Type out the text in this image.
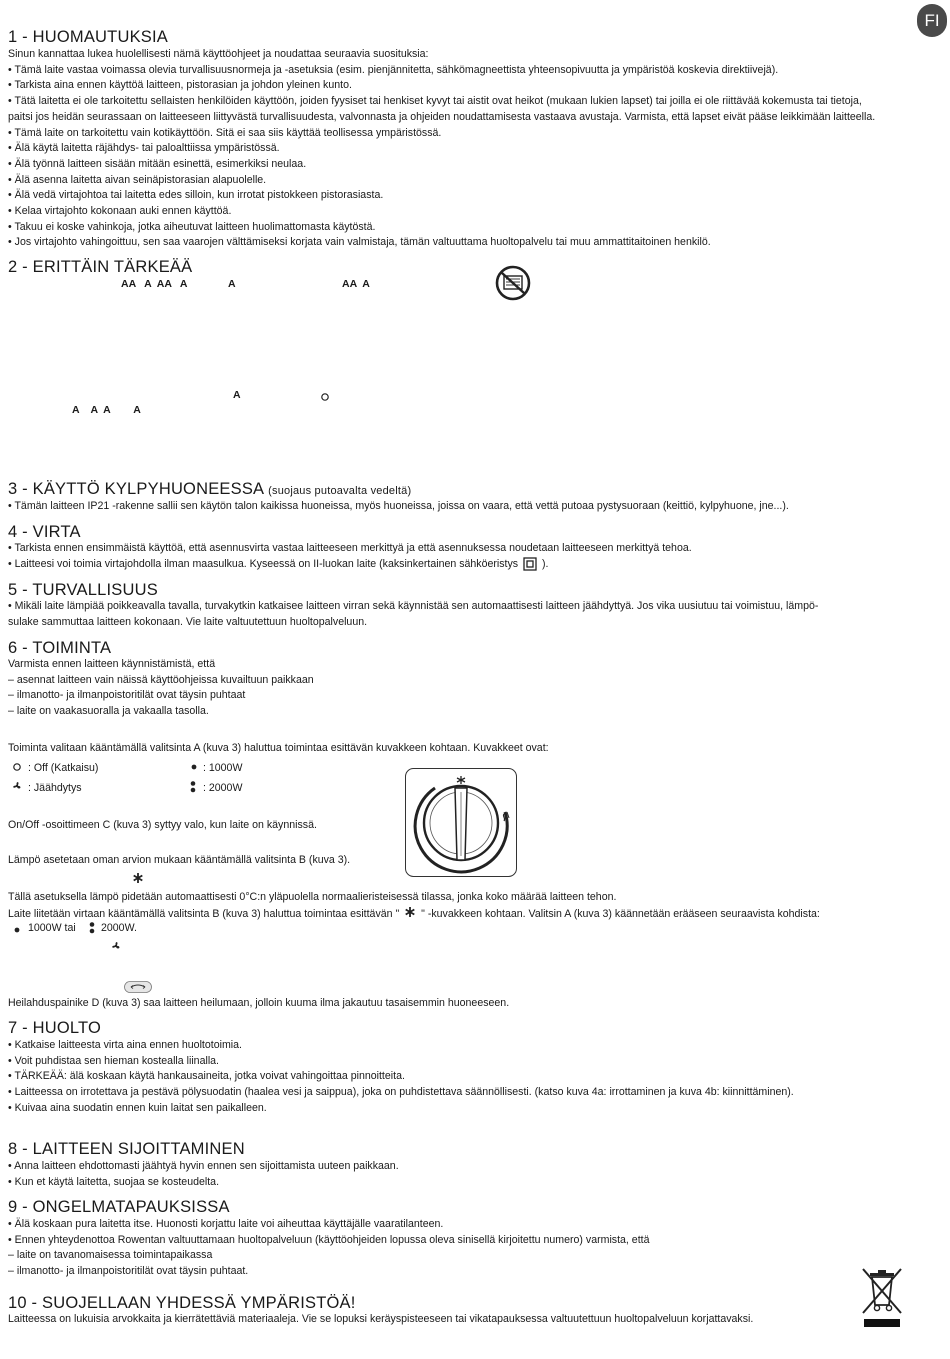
FI
1 - HUOMAUTUKSIA
Sinun kannattaa lukea huolellisesti nämä käyttöohjeet ja noudattaa seuraavia suosituksia:
• Tämä laite vastaa voimassa olevia turvallisuusnormeja ja -asetuksia (esim. pienjännitetta, sähkömagneettista yhteensopivuutta ja ympäristöä koskevia direktiivejä).
• Tarkista aina ennen käyttöä laitteen, pistorasian ja johdon yleinen kunto.
• Tätä laitetta ei ole tarkoitettu sellaisten henkilöiden käyttöön, joiden fyysiset tai henkiset kyvyt tai aistit ovat heikot (mukaan lukien lapset) tai joilla ei ole riittävää kokemusta tai tietoja,
paitsi jos heidän seurassaan on laitteeseen liittyvästä turvallisuudesta, valvonnasta ja ohjeiden noudattamisesta vastaava avustaja. Varmista, että lapset eivät pääse leikkimään laitteella.
• Tämä laite on tarkoitettu vain kotikäyttöön. Sitä ei saa siis käyttää teollisessa ympäristössä.
• Älä käytä laitetta räjähdys- tai paloalttiissa ympäristössä.
• Älä työnnä laitteen sisään mitään esinettä, esimerkiksi neulaa.
• Älä asenna laitetta aivan seinäpistorasian alapuolelle.
• Älä vedä virtajohtoa tai laitetta edes silloin, kun irrotat pistokkeen pistorasiasta.
• Kelaa virtajohto kokonaan auki ennen käyttöä.
• Takuu ei koske vahinkoja, jotka aiheutuvat laitteen huolimattomasta käytöstä.
• Jos virtajohto vahingoittuu, sen saa vaarojen välttämiseksi korjata vain valmistaja, tämän valtuuttama huoltopalvelu tai muu ammattitaitoinen henkilö.
2 - ERITTÄIN TÄRKEÄÄ
AA   A  AA   A	A	AA  A
A
A    A  A        A
3 - KÄYTTÖ KYLPYHUONEESSA (suojaus putoavalta vedeltä)
• Tämän laitteen IP21 -rakenne sallii sen käytön talon kaikissa huoneissa, myös huoneissa, joissa on vaara, että vettä putoaa pystysuoraan (keittiö, kylpyhuone, jne...).
4 - VIRTA
• Tarkista ennen ensimmäistä käyttöä, että asennusvirta vastaa laitteeseen merkittyä ja että asennuksessa noudetaan laitteeseen merkittyä tehoa.
• Laitteesi voi toimia virtajohdolla ilman maasulkua. Kyseessä on II-luokan laite (kaksinkertainen sähköeristys ).
5 - TURVALLISUUS
• Mikäli laite lämpiää poikkeavalla tavalla, turvakytkin katkaisee laitteen virran sekä käynnistää sen automaattisesti laitteen jäähdyttyä. Jos vika uusiutuu tai voimistuu, lämpö-
sulake sammuttaa laitteen kokonaan. Vie laite valtuutettuun huoltopalveluun.
6 - TOIMINTA
Varmista ennen laitteen käynnistämistä, että
– asennat laitteen vain näissä käyttöohjeissa kuvailtuun paikkaan
– ilmanotto- ja ilmanpoistoritilät ovat täysin puhtaat
– laite on vaakasuoralla ja vakaalla tasolla.
Toiminta valitaan kääntämällä valitsinta A (kuva 3) haluttua toimintaa esittävän kuvakkeen kohtaan. Kuvakkeet ovat:
: Off (Katkaisu)	: 1000W
: Jäähdytys	: 2000W
On/Off -osoittimeen C (kuva 3) syttyy valo, kun laite on käynnissä.
Lämpö asetetaan oman arvion mukaan kääntämällä valitsinta B (kuva 3).
Tällä asetuksella lämpö pidetään automaattisesti 0°C:n yläpuolella normaalieristeisessä tilassa, jonka koko määrää laitteen tehon.
Laite liitetään virtaan kääntämällä valitsinta B (kuva 3) haluttua toimintaa esittävän " " -kuvakkeen kohtaan. Valitsin A (kuva 3) käännetään erääseen seuraavista kohdista:
1000W tai 2000W.
Heilahduspainike D (kuva 3) saa laitteen heilumaan, jolloin kuuma ilma jakautuu tasaisemmin huoneeseen.
7 - HUOLTO
• Katkaise laitteesta virta aina ennen huoltotoimia.
• Voit puhdistaa sen hieman kostealla liinalla.
• TÄRKEÄÄ: älä koskaan käytä hankausaineita, jotka voivat vahingoittaa pinnoitteita.
• Laitteessa on irrotettava ja pestävä pölysuodatin (haalea vesi ja saippua), joka on puhdistettava säännöllisesti. (katso kuva 4a: irrottaminen ja kuva 4b: kiinnittäminen).
• Kuivaa aina suodatin ennen kuin laitat sen paikalleen.
8 - LAITTEEN SIJOITTAMINEN
• Anna laitteen ehdottomasti jäähtyä hyvin ennen sen sijoittamista uuteen paikkaan.
• Kun et käytä laitetta, suojaa se kosteudelta.
9 - ONGELMATAPAUKSISSA
• Älä koskaan pura laitetta itse. Huonosti korjattu laite voi aiheuttaa käyttäjälle vaaratilanteen.
• Ennen yhteydenottoa Rowentan valtuuttamaan huoltopalveluun (käyttöohjeiden lopussa oleva sinisellä kirjoitettu numero) varmista, että
– laite on tavanomaisessa toimintapaikassa
– ilmanotto- ja ilmanpoistoritilät ovat täysin puhtaat.
10 - SUOJELLAAN YHDESSÄ YMPÄRISTÖÄ!
Laitteessa on lukuisia arvokkaita ja kierrätettäviä materiaaleja. Vie se lopuksi keräyspisteeseen tai vikatapauksessa valtuutettuun huoltopalveluun korjattavaksi.
